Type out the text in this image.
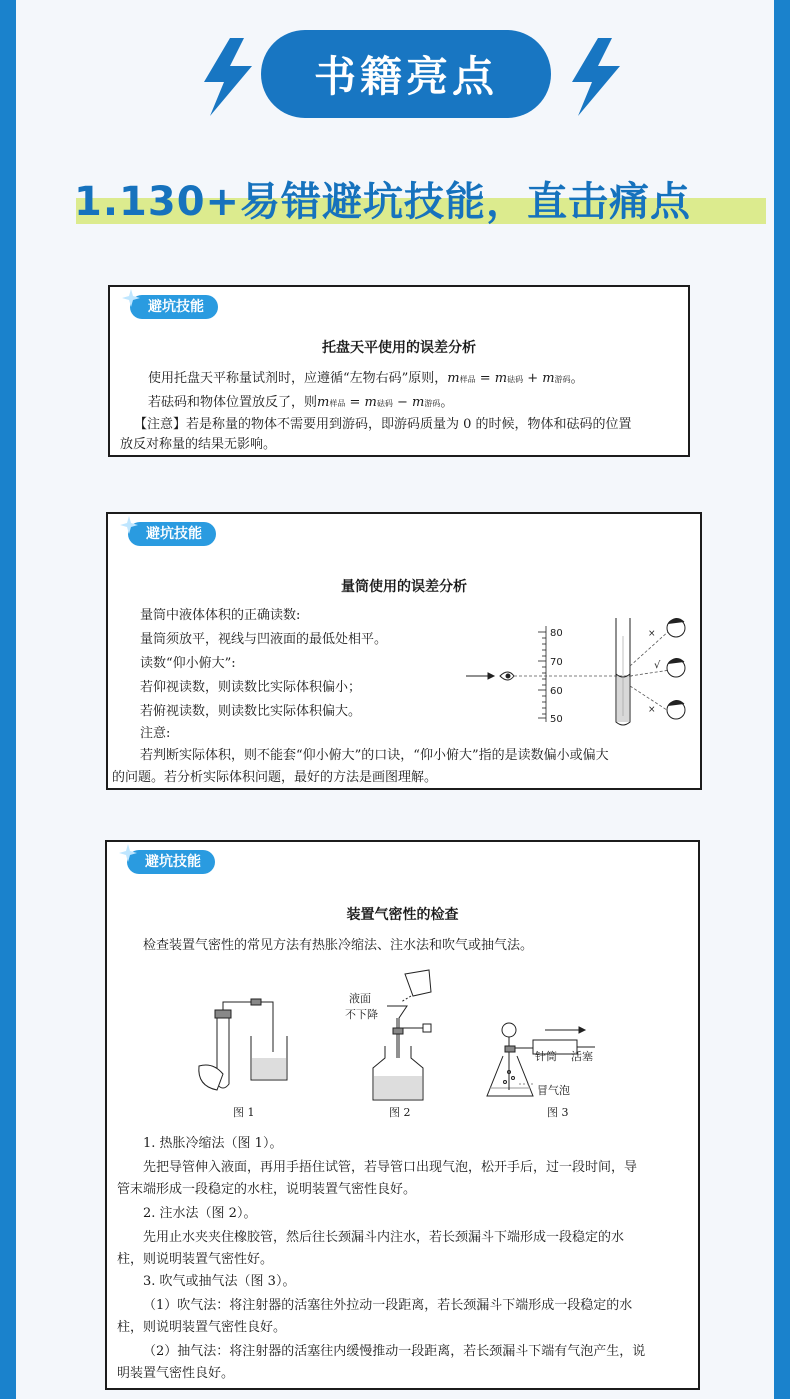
书籍亮点
1.130+易错避坑技能，直击痛点
避坑技能
托盘天平使用的误差分析
使用托盘天平称量试剂时，应遵循“左物右码”原则，m样品 = m砝码 + m游码。
若砝码和物体位置放反了，则m样品 = m砝码 − m游码。
【注意】若是称量的物体不需要用到游码，即游码质量为 0 的时候，物体和砝码的位置
放反对称量的结果无影响。
避坑技能
量筒使用的误差分析
量筒中液体体积的正确读数:
量筒须放平，视线与凹液面的最低处相平。
读数“仰小俯大”:
若仰视读数，则读数比实际体积偏小；
若俯视读数，则读数比实际体积偏大。
注意:
若判断实际体积，则不能套“仰小俯大”的口诀，“仰小俯大”指的是读数偏小或偏大
的问题。若分析实际体积问题，最好的方法是画图理解。
80
70
60
50
×
√
×
避坑技能
装置气密性的检查
检查装置气密性的常见方法有热胀冷缩法、注水法和吹气或抽气法。
液面
不下降
针筒 活塞
冒气泡
图 1	图 2	图 3
1. 热胀冷缩法（图 1）。
先把导管伸入液面，再用手捂住试管，若导管口出现气泡，松开手后，过一段时间，导
管末端形成一段稳定的水柱，说明装置气密性良好。
2. 注水法（图 2）。
先用止水夹夹住橡胶管，然后往长颈漏斗内注水，若长颈漏斗下端形成一段稳定的水
柱，则说明装置气密性好。
3. 吹气或抽气法（图 3）。
（1）吹气法：将注射器的活塞往外拉动一段距离，若长颈漏斗下端形成一段稳定的水
柱，则说明装置气密性良好。
（2）抽气法：将注射器的活塞往内缓慢推动一段距离，若长颈漏斗下端有气泡产生，说
明装置气密性良好。
